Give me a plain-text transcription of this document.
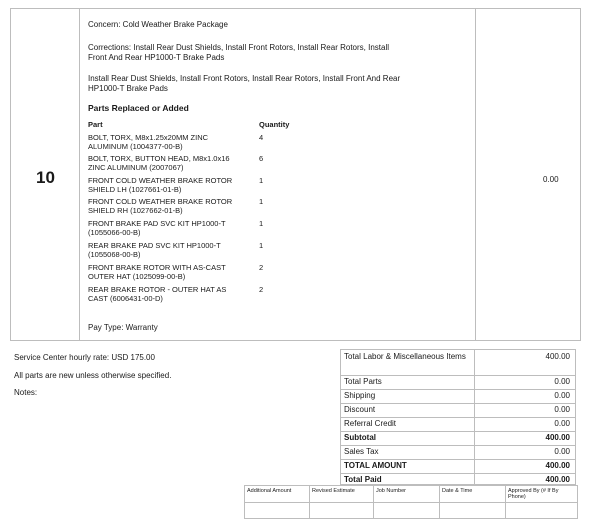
10
Concern: Cold Weather Brake Package
Corrections: Install Rear Dust Shields, Install Front Rotors, Install Rear Rotors, Install
Front And Rear HP1000-T Brake Pads
Install Rear Dust Shields, Install Front Rotors, Install Rear Rotors, Install Front And Rear
HP1000-T Brake Pads
Parts Replaced or Added
Part	Quantity
BOLT, TORX, M8x1.25x20MM ZINC
ALUMINUM (1004377-00-B)
4
BOLT, TORX, BUTTON HEAD, M8x1.0x16
ZINC ALUMINUM (2007067)
6
FRONT COLD WEATHER BRAKE ROTOR
SHIELD LH (1027661-01-B)
1
FRONT COLD WEATHER BRAKE ROTOR
SHIELD RH (1027662-01-B)
1
FRONT BRAKE PAD SVC KIT HP1000-T
(1055066-00-B)
1
REAR BRAKE PAD SVC KIT HP1000-T
(1055068-00-B)
1
FRONT BRAKE ROTOR WITH AS-CAST
OUTER HAT (1025099-00-B)
2
REAR BRAKE ROTOR - OUTER HAT AS
CAST (6006431-00-D)
2
Pay Type: Warranty
0.00
Service Center hourly rate: USD 175.00
All parts are new unless otherwise specified.
Notes:
Total Labor & Miscellaneous Items	400.00
Total Parts	0.00
Shipping	0.00
Discount	0.00
Referral Credit	0.00
Subtotal	400.00
Sales Tax	0.00
TOTAL AMOUNT	400.00
Total Paid	400.00
Additional Amount	Revised Estimate	Job Number	Date & Time	Approved By (# If By Phone)
